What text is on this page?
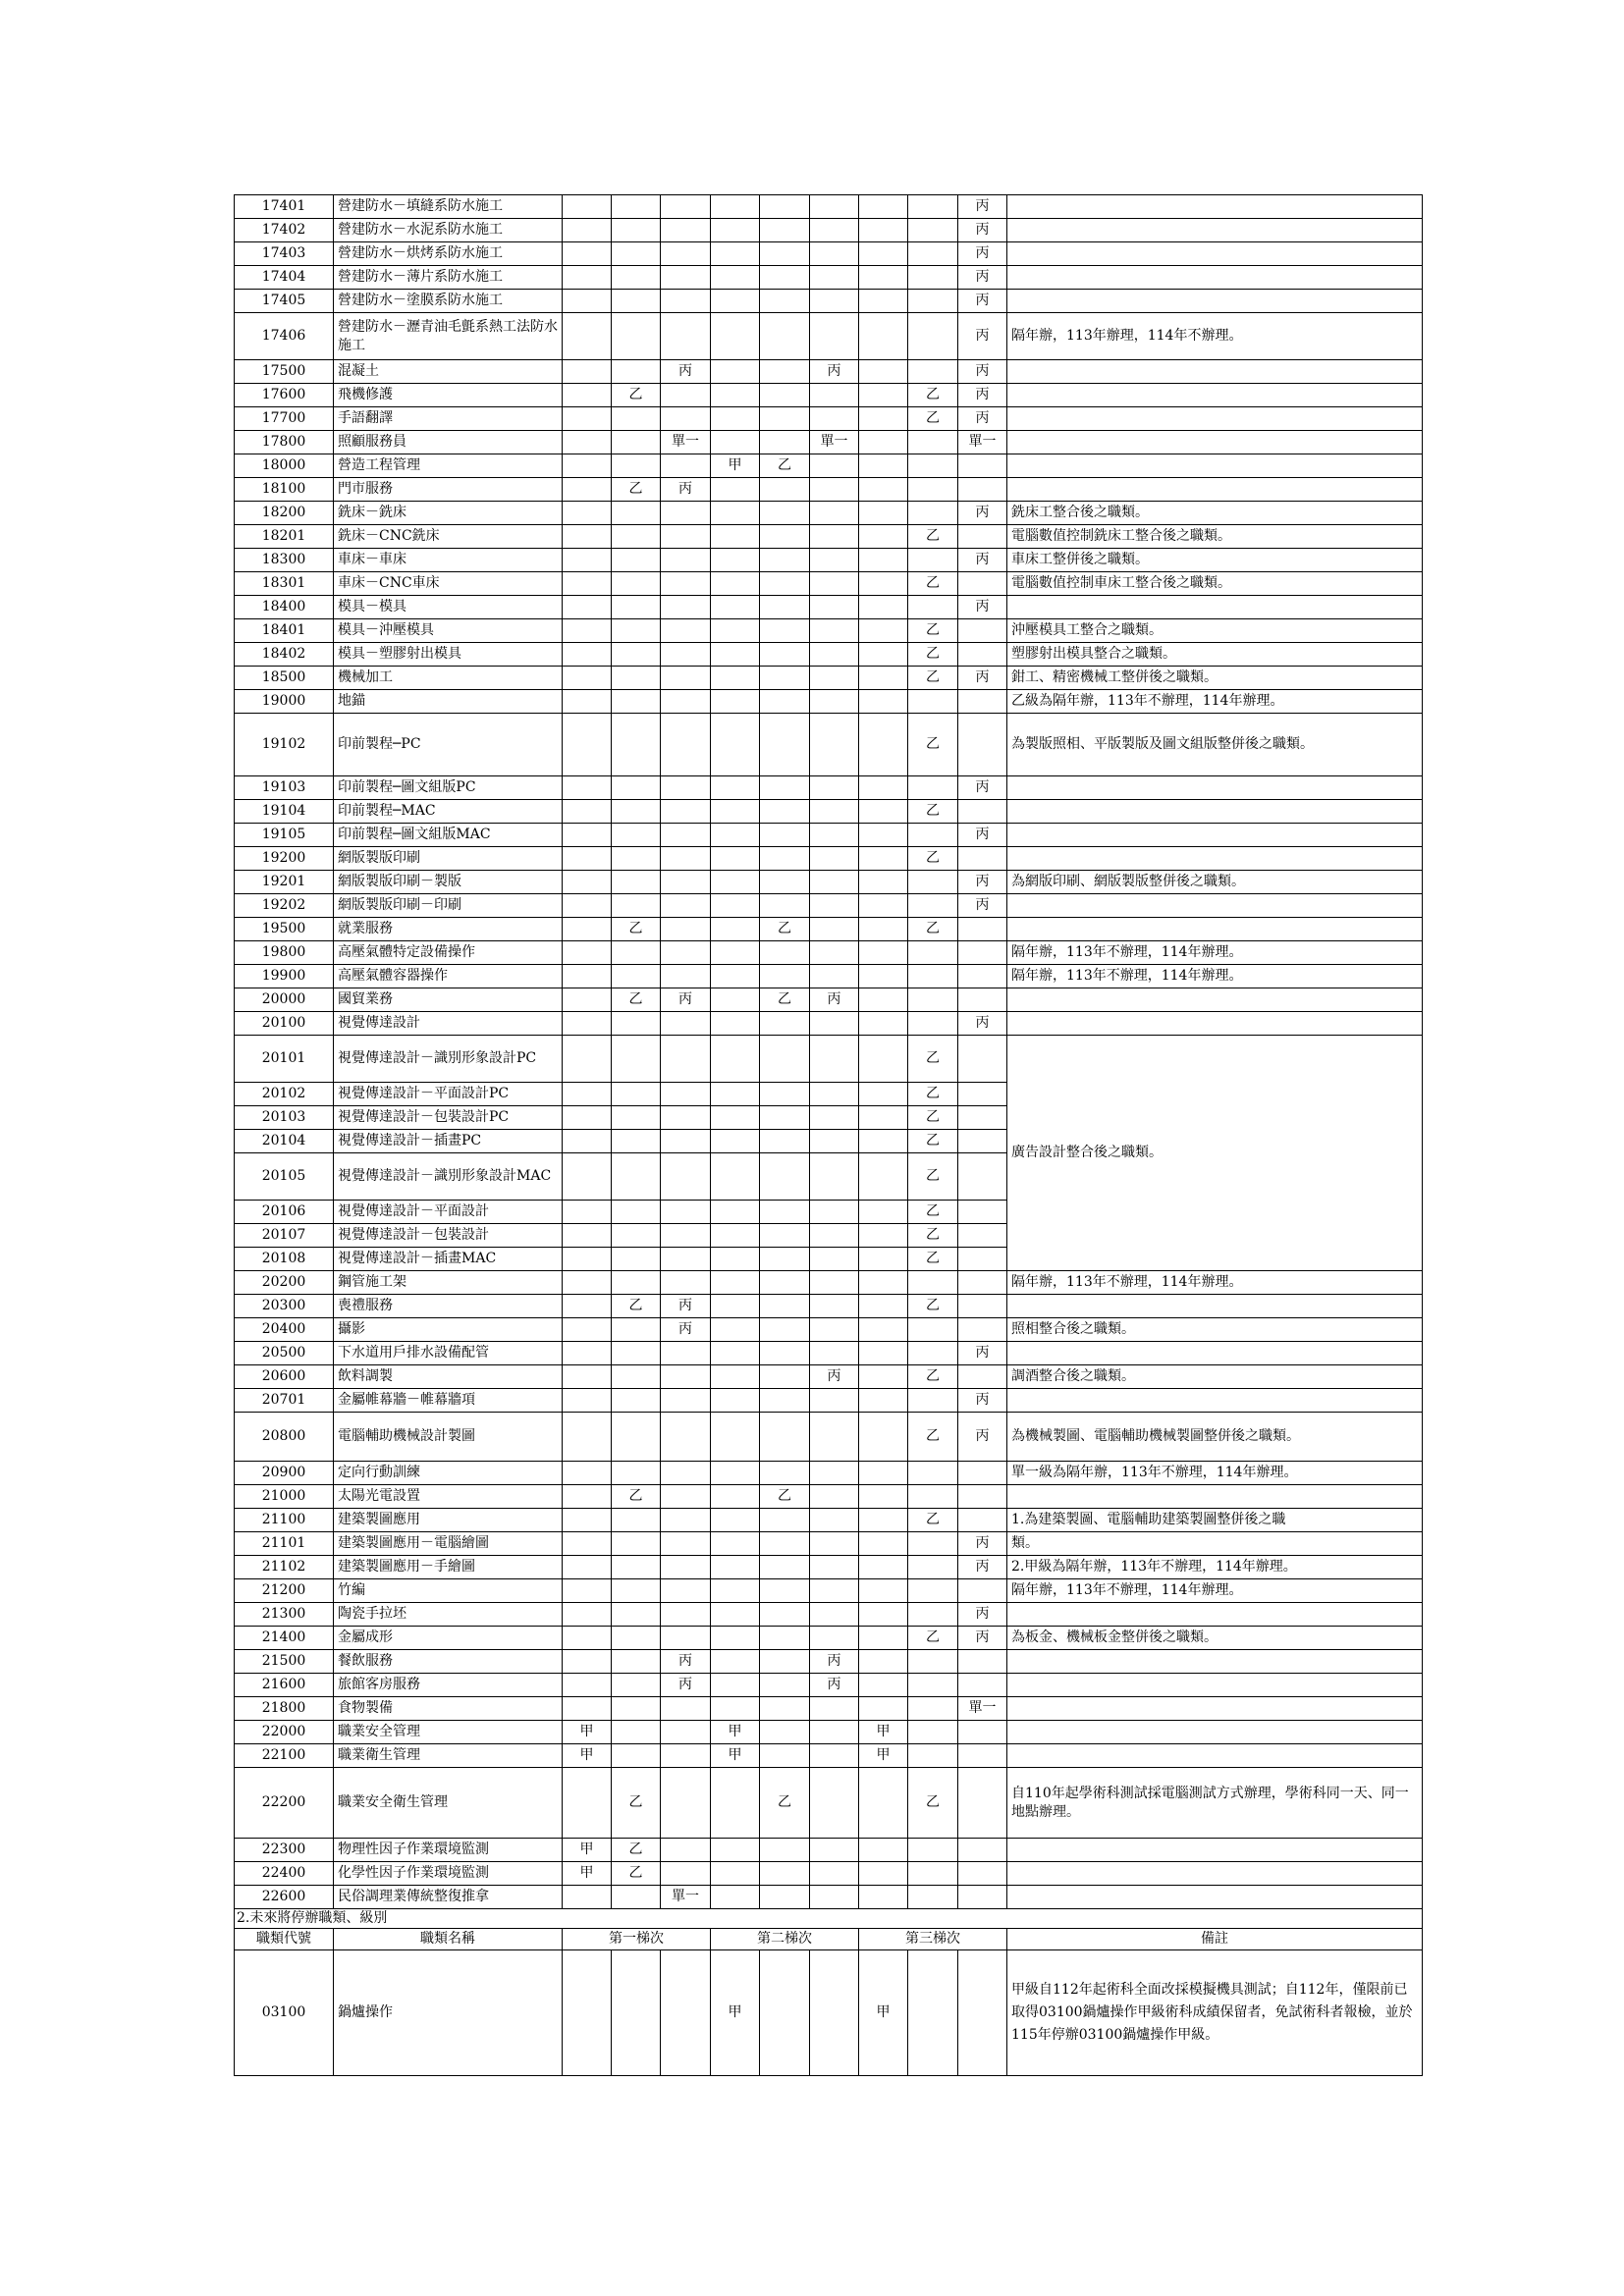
17401	營建防水－填縫系防水施工									丙	
17402	營建防水－水泥系防水施工									丙	
17403	營建防水－烘烤系防水施工									丙	
17404	營建防水－薄片系防水施工									丙	
17405	營建防水－塗膜系防水施工									丙	
17406	營建防水－瀝青油毛氈系熱工法防水施工									丙	隔年辦，113年辦理，114年不辦理。
17500	混凝土			丙			丙			丙	
17600	飛機修護		乙						乙	丙	
17700	手語翻譯								乙	丙	
17800	照顧服務員			單一			單一			單一	
18000	營造工程管理				甲	乙					
18100	門市服務		乙	丙							
18200	銑床－銑床									丙	銑床工整合後之職類。
18201	銑床－CNC銑床								乙		電腦數值控制銑床工整合後之職類。
18300	車床－車床									丙	車床工整併後之職類。
18301	車床－CNC車床								乙		電腦數值控制車床工整合後之職類。
18400	模具－模具									丙	
18401	模具－沖壓模具								乙		沖壓模具工整合之職類。
18402	模具－塑膠射出模具								乙		塑膠射出模具整合之職類。
18500	機械加工								乙	丙	鉗工、精密機械工整併後之職類。
19000	地錨										乙級為隔年辦，113年不辦理，114年辦理。
19102	印前製程─PC								乙		為製版照相、平版製版及圖文組版整併後之職類。
19103	印前製程─圖文組版PC									丙	
19104	印前製程─MAC								乙		
19105	印前製程─圖文組版MAC									丙	
19200	網版製版印刷								乙		
19201	網版製版印刷－製版									丙	為網版印刷、網版製版整併後之職類。
19202	網版製版印刷－印刷									丙	
19500	就業服務		乙			乙			乙		
19800	高壓氣體特定設備操作										隔年辦，113年不辦理，114年辦理。
19900	高壓氣體容器操作										隔年辦，113年不辦理，114年辦理。
20000	國貿業務		乙	丙		乙	丙				
20100	視覺傳達設計									丙	
20101	視覺傳達設計－識別形象設計PC								乙		廣告設計整合後之職類。
20102	視覺傳達設計－平面設計PC								乙		
20103	視覺傳達設計－包裝設計PC								乙		
20104	視覺傳達設計－插畫PC								乙		
20105	視覺傳達設計－識別形象設計MAC								乙		
20106	視覺傳達設計－平面設計								乙		
20107	視覺傳達設計－包裝設計								乙		
20108	視覺傳達設計－插畫MAC								乙		
20200	鋼管施工架										隔年辦，113年不辦理，114年辦理。
20300	喪禮服務		乙	丙					乙		
20400	攝影			丙							照相整合後之職類。
20500	下水道用戶排水設備配管									丙	
20600	飲料調製						丙		乙		調酒整合後之職類。
20701	金屬帷幕牆－帷幕牆項									丙	
20800	電腦輔助機械設計製圖								乙	丙	為機械製圖、電腦輔助機械製圖整併後之職類。
20900	定向行動訓練										單一級為隔年辦，113年不辦理，114年辦理。
21000	太陽光電設置		乙			乙					
21100	建築製圖應用								乙		1.為建築製圖、電腦輔助建築製圖整併後之職
21101	建築製圖應用－電腦繪圖									丙	類。
21102	建築製圖應用－手繪圖									丙	2.甲級為隔年辦，113年不辦理，114年辦理。
21200	竹編										隔年辦，113年不辦理，114年辦理。
21300	陶瓷手拉坯									丙	
21400	金屬成形								乙	丙	為板金、機械板金整併後之職類。
21500	餐飲服務			丙			丙				
21600	旅館客房服務			丙			丙				
21800	食物製備									單一	
22000	職業安全管理	甲			甲			甲			
22100	職業衛生管理	甲			甲			甲			
22200	職業安全衛生管理		乙			乙			乙		自110年起學術科測試採電腦測試方式辦理，學術科同一天、同一地點辦理。
22300	物理性因子作業環境監測	甲	乙								
22400	化學性因子作業環境監測	甲	乙								
22600	民俗調理業傳統整復推拿			單一							
2.未來將停辦職類、級別											
職類代號	職類名稱	第一梯次			第二梯次			第三梯次			備註
03100	鍋爐操作				甲			甲			甲級自112年起術科全面改採模擬機具測試；自112年，僅限前已取得03100鍋爐操作甲級術科成績保留者，免試術科者報檢，並於115年停辦03100鍋爐操作甲級。
